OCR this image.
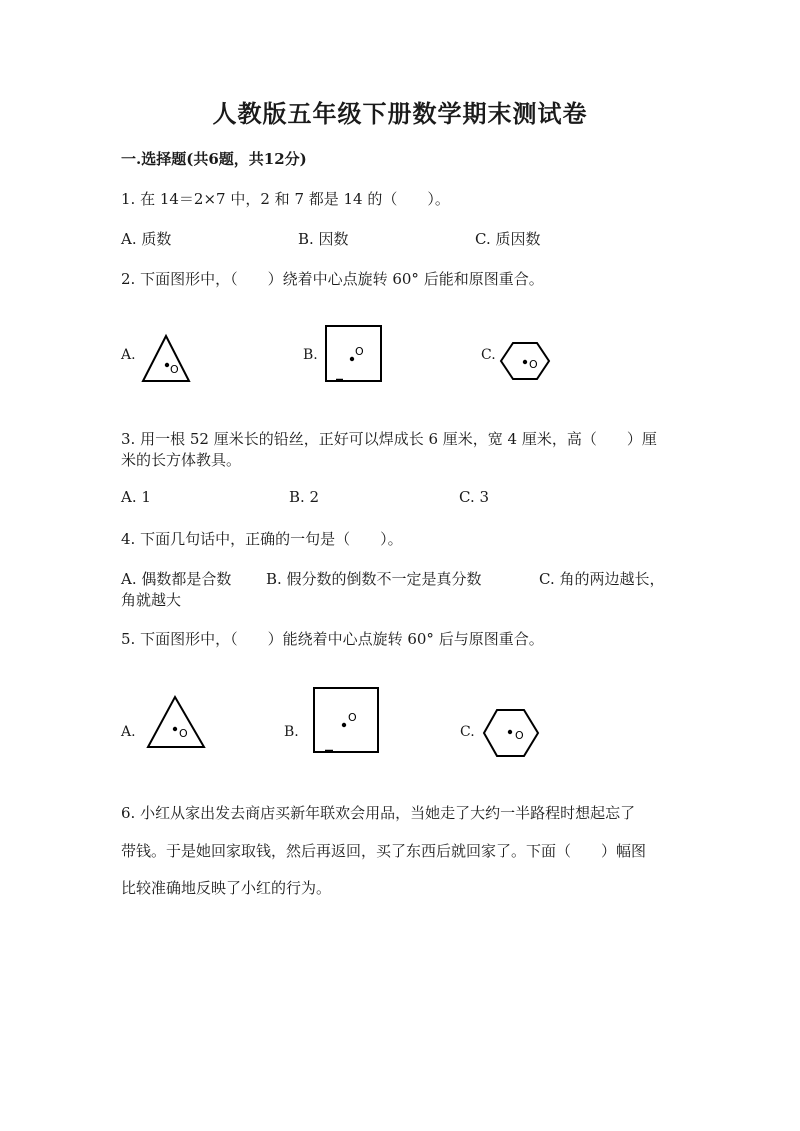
人教版五年级下册数学期末测试卷
一.选择题(共6题，共12分)
1. 在 14＝2×7 中，2 和 7 都是 14 的（　　）。
A. 质数	B. 因数	C. 质因数
2. 下面图形中，（　　）绕着中心点旋转 60° 后能和原图重合。
A.
O
B.	O	C.
O
3. 用一根 52 厘米长的铅丝，正好可以焊成长 6 厘米，宽 4 厘米，高（　　）厘
米的长方体教具。
A. 1	B. 2	C. 3
4. 下面几句话中，正确的一句是（　　）。
A. 偶数都是合数 B. 假分数的倒数不一定是真分数	C. 角的两边越长，
角就越大
5. 下面图形中，（　　）能绕着中心点旋转 60° 后与原图重合。
A.	O	B.
O
C.	O
6. 小红从家出发去商店买新年联欢会用品，当她走了大约一半路程时想起忘了
带钱。于是她回家取钱，然后再返回，买了东西后就回家了。下面（　　）幅图
比较准确地反映了小红的行为。
